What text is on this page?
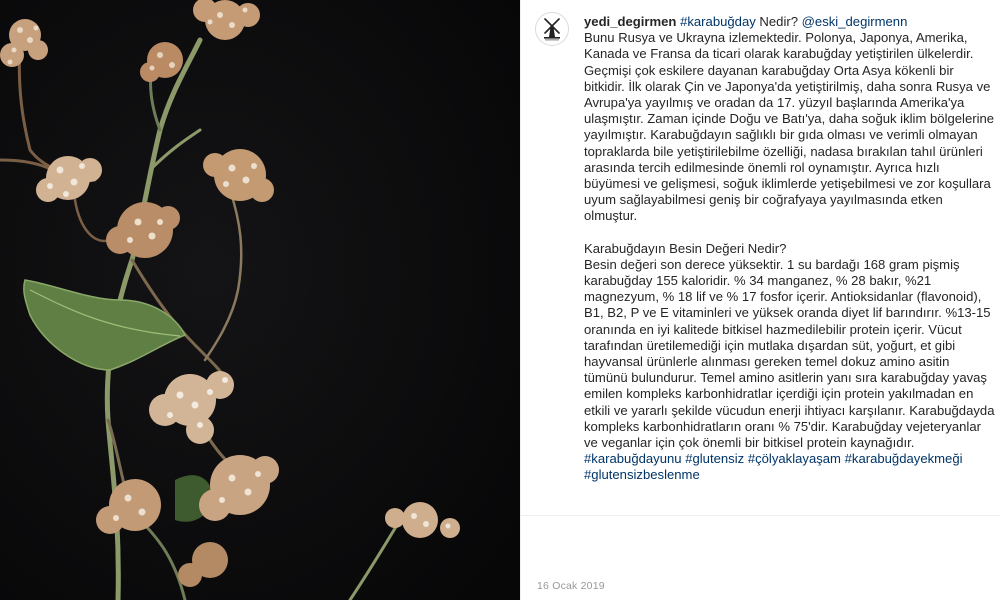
yedi_degirmen #karabuğday Nedir? @eski_degirmenn

Bunu Rusya ve Ukrayna izlemektedir. Polonya, Japonya, Amerika, Kanada ve Fransa da ticari olarak karabuğday yetiştirilen ülkelerdir. Geçmişi çok eskilere dayanan karabuğday Orta Asya kökenli bir bitkidir. İlk olarak Çin ve Japonya'da yetiştirilmiş, daha sonra Rusya ve Avrupa'ya yayılmış ve oradan da 17. yüzyıl başlarında Amerika'ya ulaşmıştır. Zaman içinde Doğu ve Batı'ya, daha soğuk iklim bölgelerine yayılmıştır. Karabuğdayın sağlıklı bir gıda olması ve verimli olmayan topraklarda bile yetiştirilebilme özelliği, nadasa bırakılan tahıl ürünleri arasında tercih edilmesinde önemli rol oynamıştır. Ayrıca hızlı büyümesi ve gelişmesi, soğuk iklimlerde yetişebilmesi ve zor koşullara uyum sağlayabilmesi geniş bir coğrafyaya yayılmasında etken olmuştur.

Karabuğdayın Besin Değeri Nedir?

Besin değeri son derece yüksektir. 1 su bardağı 168 gram pişmiş karabuğday 155 kaloridir. % 34 manganez, % 28 bakır, %21 magnezyum, % 18 lif ve % 17 fosfor içerir. Antioksidanlar (flavonoid), B1, B2, P ve E vitaminleri ve yüksek oranda diyet lif barındırır. %13-15 oranında en iyi kalitede bitkisel hazmedilebilir protein içerir. Vücut tarafından üretilemediği için mutlaka dışardan süt, yoğurt, et gibi hayvansal ürünlerle alınması gereken temel dokuz amino asitin tümünü bulundurur. Temel amino asitlerin yanı sıra karabuğday yavaş emilen kompleks karbonhidratlar içerdiği için protein yakılmadan en etkili ve yararlı şekilde vücudun enerji ihtiyacı karşılanır. Karabuğdayda kompleks karbonhidratların oranı % 75'dir. Karabuğday vejeteryanlar ve veganlar için çok önemli bir bitkisel protein kaynağıdır.

#karabuğdayunu #glutensiz #çölyaklayaşam #karabuğdayekmeği #glutensizbeslenme

16 Ocak 2019
